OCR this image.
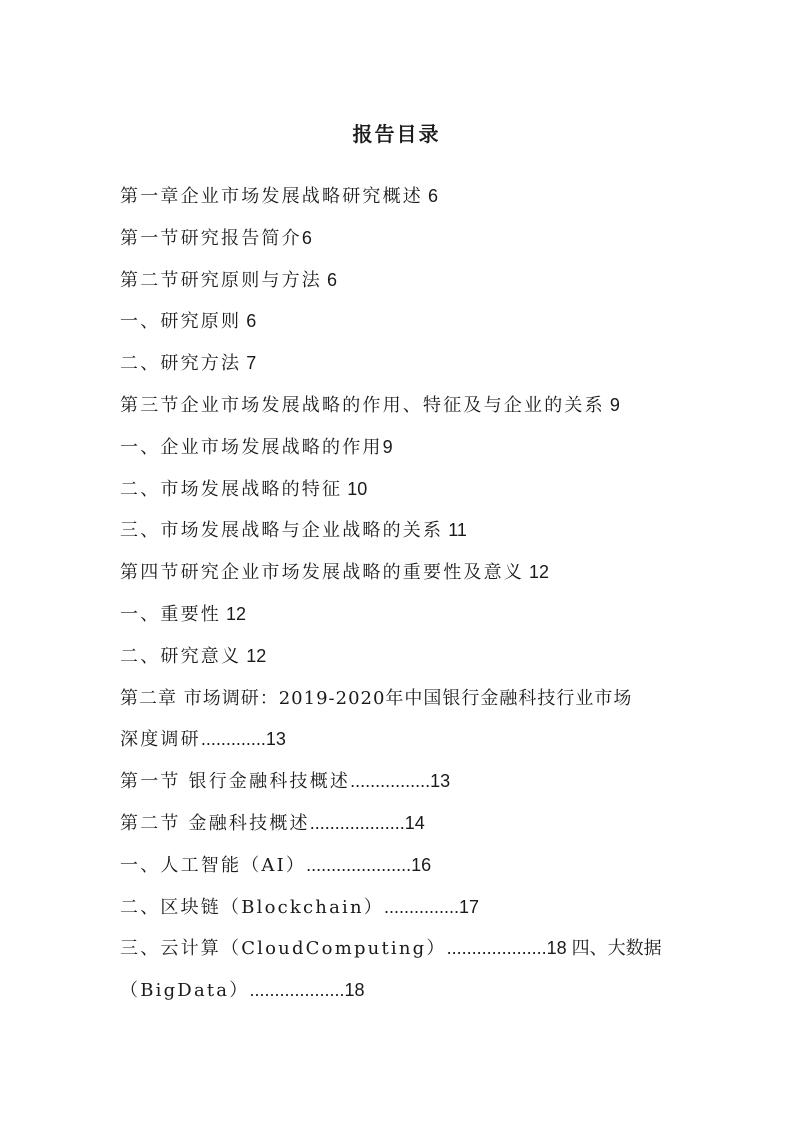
报告目录
第一章企业市场发展战略研究概述 6
第一节研究报告简介6
第二节研究原则与方法 6
一、研究原则 6
二、研究方法 7
第三节企业市场发展战略的作用、特征及与企业的关系 9
一、企业市场发展战略的作用9
二、市场发展战略的特征 10
三、市场发展战略与企业战略的关系 11
第四节研究企业市场发展战略的重要性及意义 12
一、重要性 12
二、研究意义 12
第二章 市场调研：2019-2020年中国银行金融科技行业市场
深度调研.............13
第一节 银行金融科技概述................13
第二节 金融科技概述...................14
一、人工智能（AI）.....................16
二、区块链（Blockchain）...............17
三、云计算（CloudComputing）....................18 四、大数据
（BigData）...................18
